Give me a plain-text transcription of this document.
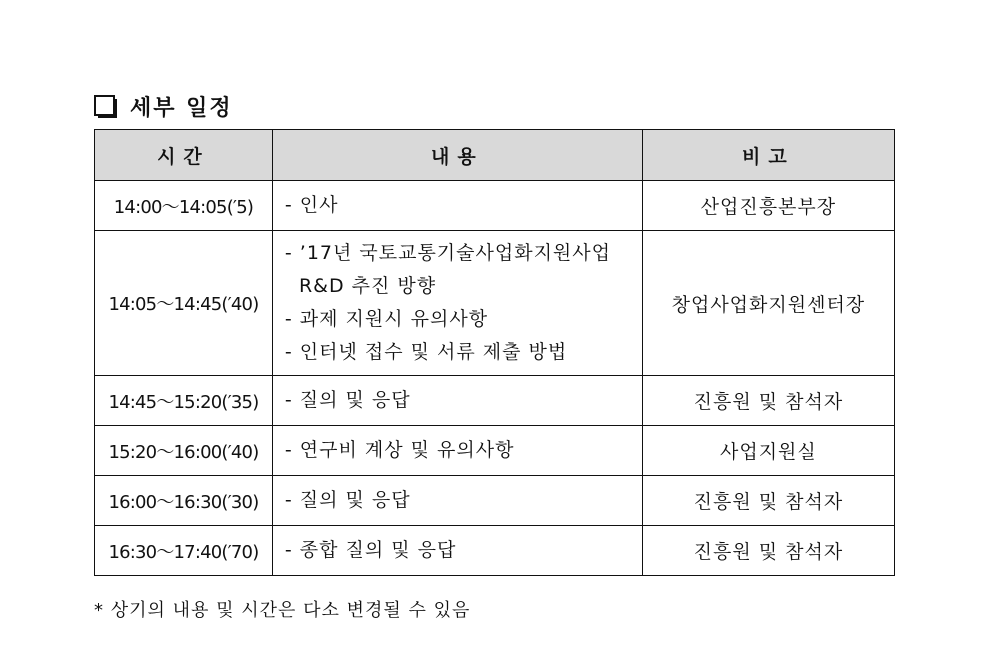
세부 일정
시간	내용	비고
14:00～14:05(′5)	- 인사	산업진흥본부장
14:05～14:45(′40)	- ’17년 국토교통기술사업화지원사업
R&D 추진 방향
- 과제 지원시 유의사항
- 인터넷 접수 및 서류 제출 방법	창업사업화지원센터장
14:45～15:20(′35)	- 질의 및 응답	진흥원 및 참석자
15:20～16:00(′40)	- 연구비 계상 및 유의사항	사업지원실
16:00～16:30(′30)	- 질의 및 응답	진흥원 및 참석자
16:30～17:40(′70)	- 종합 질의 및 응답	진흥원 및 참석자
* 상기의 내용 및 시간은 다소 변경될 수 있음
